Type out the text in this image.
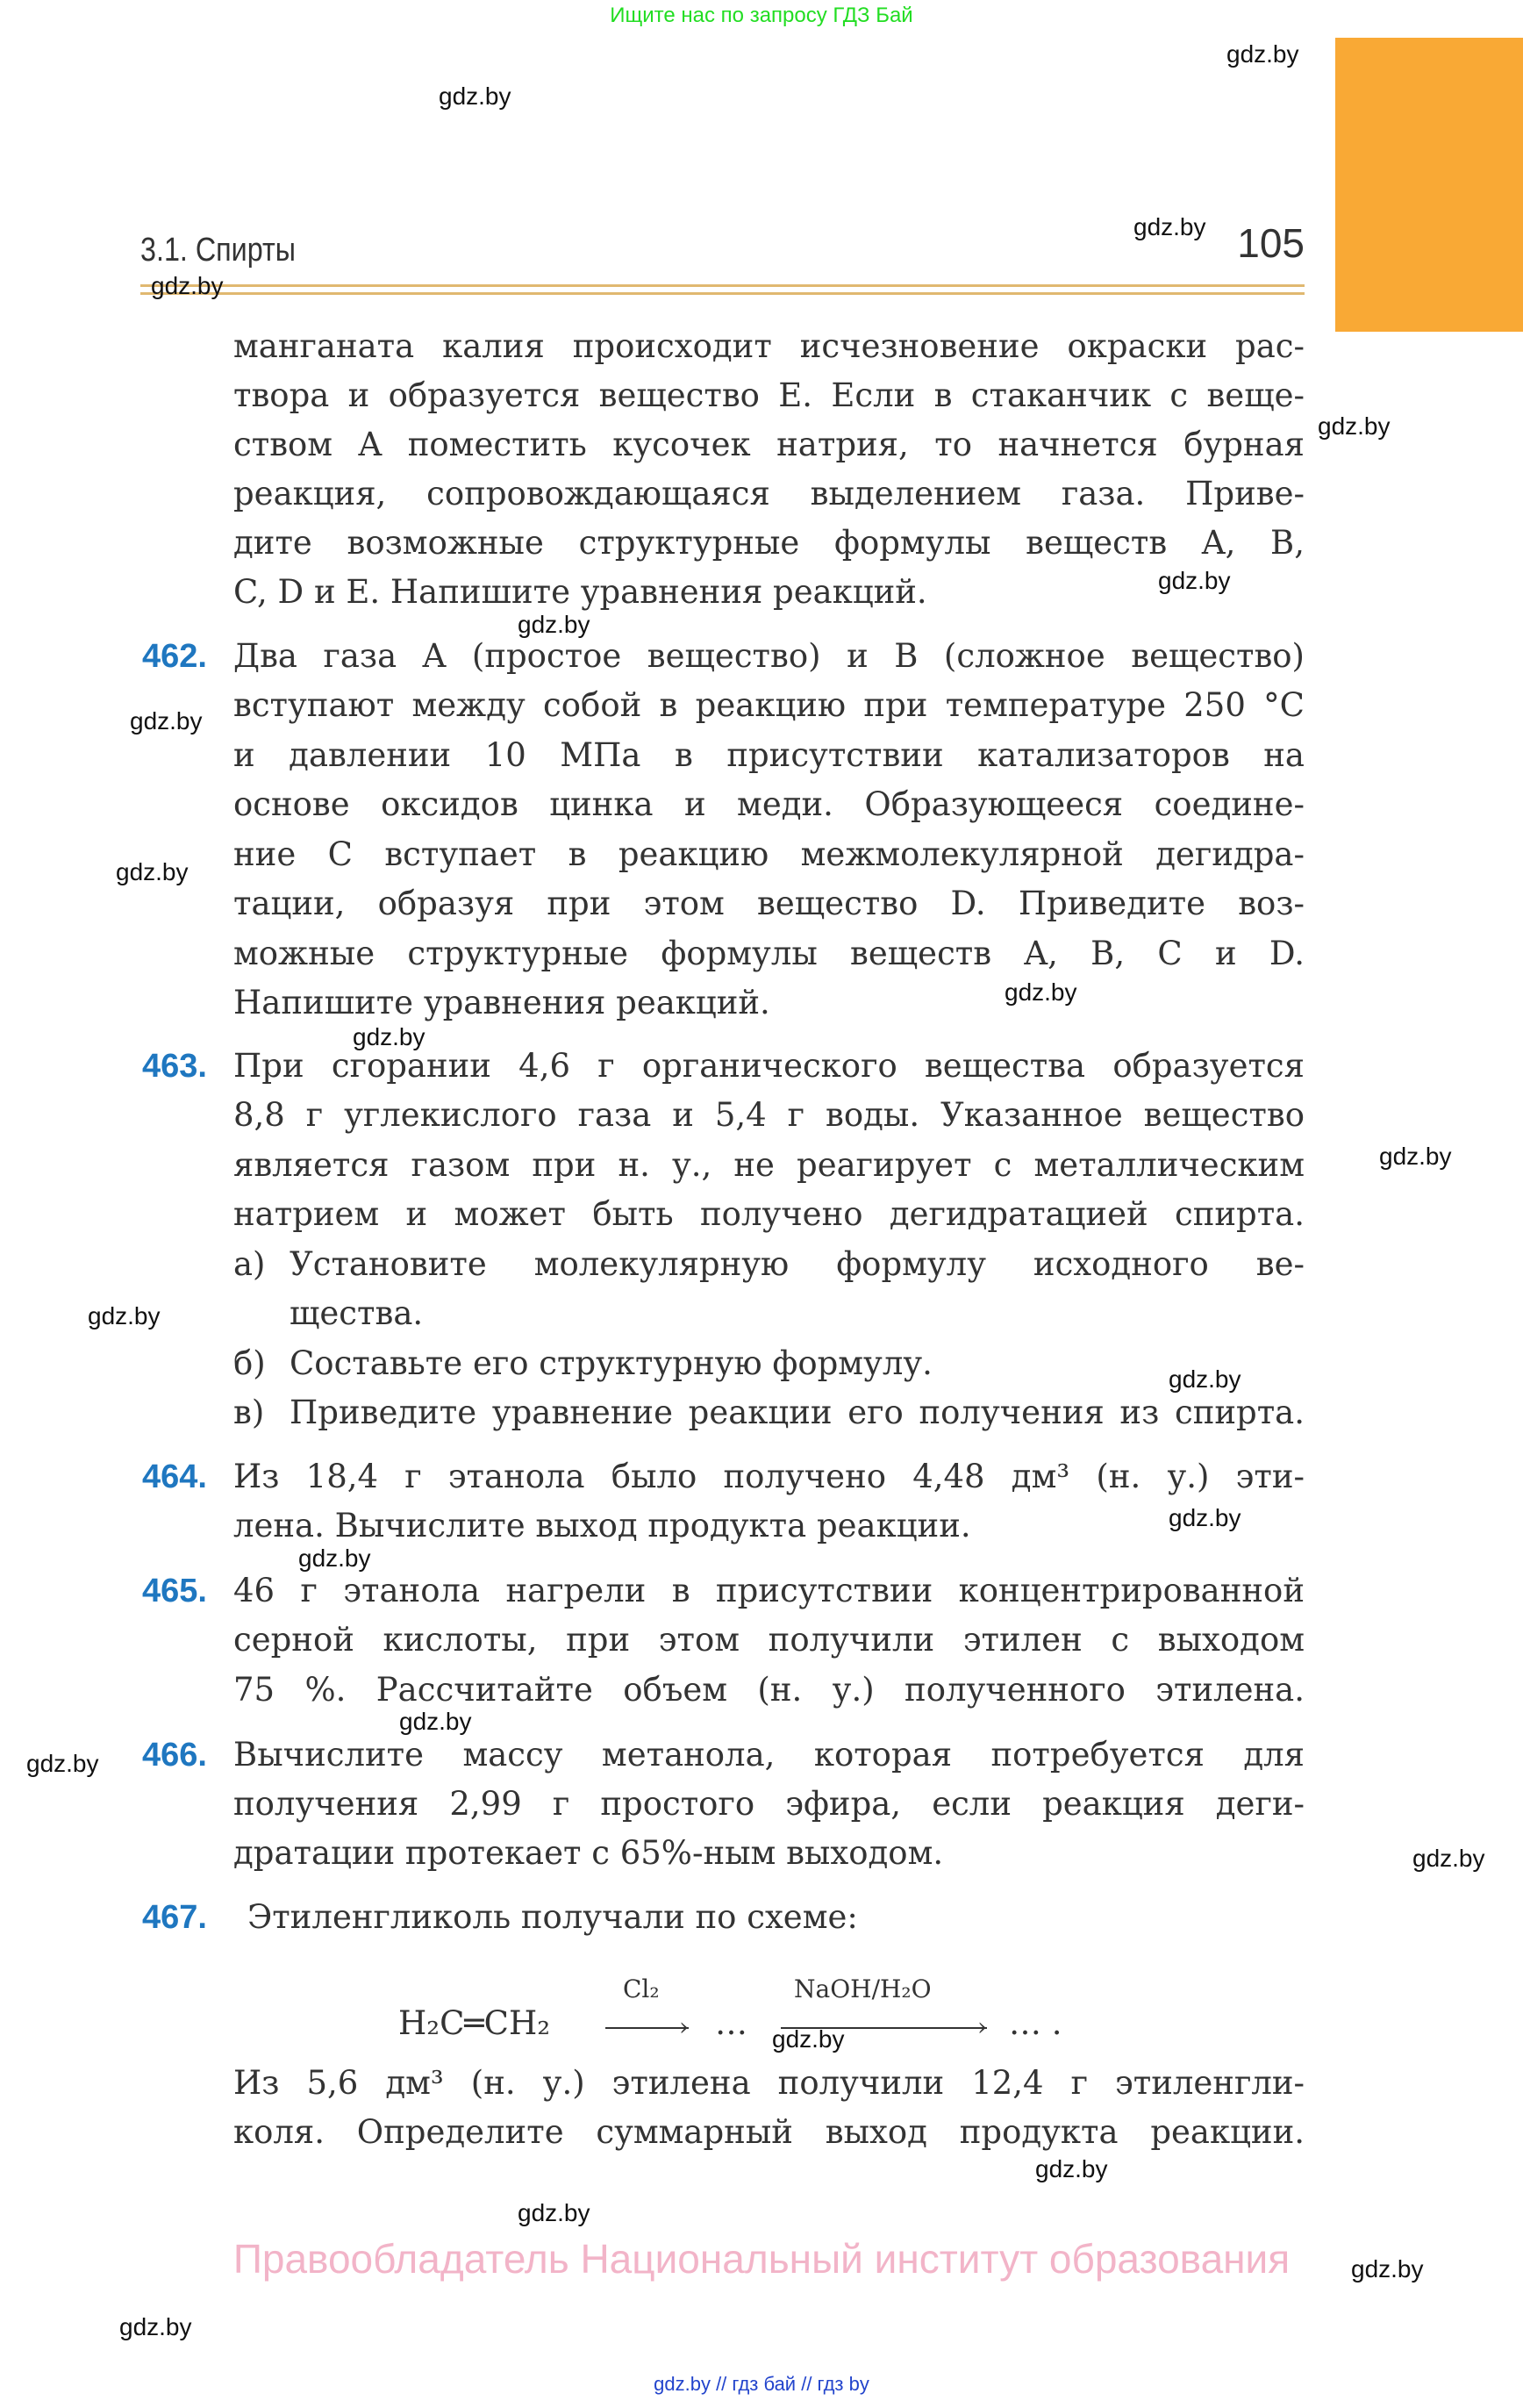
Ищите нас по запросу ГДЗ Бай
3.1. Спирты	105
манганата калия происходит исчезновение окраски рас-
твора и образуется вещество E. Если в стаканчик с веще-
ством A поместить кусочек натрия, то начнется бурная
реакция, сопровождающаяся выделением газа. Приве-
дите возможные структурные формулы веществ A, B,
C, D и E. Напишите уравнения реакций.
462. Два газа A (простое вещество) и B (сложное вещество)
вступают между собой в реакцию при температуре 250 °C
и давлении 10 МПа в присутствии катализаторов на
основе оксидов цинка и меди. Образующееся соедине-
ние C вступает в реакцию межмолекулярной дегидра-
тации, образуя при этом вещество D. Приведите воз-
можные структурные формулы веществ A, B, C и D.
Напишите уравнения реакций.
463. При сгорании 4,6 г органического вещества образуется
8,8 г углекислого газа и 5,4 г воды. Указанное вещество
является газом при н. у., не реагирует с металлическим
натрием и может быть получено дегидратацией спирта.
а) Установите молекулярную формулу исходного ве-
щества.
б) Составьте его структурную формулу.
в) Приведите уравнение реакции его получения из спирта.
464. Из 18,4 г этанола было получено 4,48 дм³ (н. у.) эти-
лена. Вычислите выход продукта реакции.
465. 46 г этанола нагрели в присутствии концентрированной
серной кислоты, при этом получили этилен с выходом
75 %. Рассчитайте объем (н. у.) полученного этилена.
466. Вычислите массу метанола, которая потребуется для
получения 2,99 г простого эфира, если реакция деги-
дратации протекает с 65%-ным выходом.
467. Этиленгликоль получали по схеме:
H₂C═CH₂
Cl₂
› …
NaOH/H₂O
› … .
Из 5,6 дм³ (н. у.) этилена получили 12,4 г этиленгли-
коля. Определите суммарный выход продукта реакции.
Правообладатель Национальный институт образования
gdz.by // гдз бай // гдз by
gdz.by
gdz.by
gdz.by
gdz.by
gdz.by
gdz.by
gdz.by
gdz.by
gdz.by
gdz.by
gdz.by
gdz.by
gdz.by
gdz.by
gdz.by
gdz.by
gdz.by
gdz.by
gdz.by
gdz.by
gdz.by
gdz.by
gdz.by
gdz.by
